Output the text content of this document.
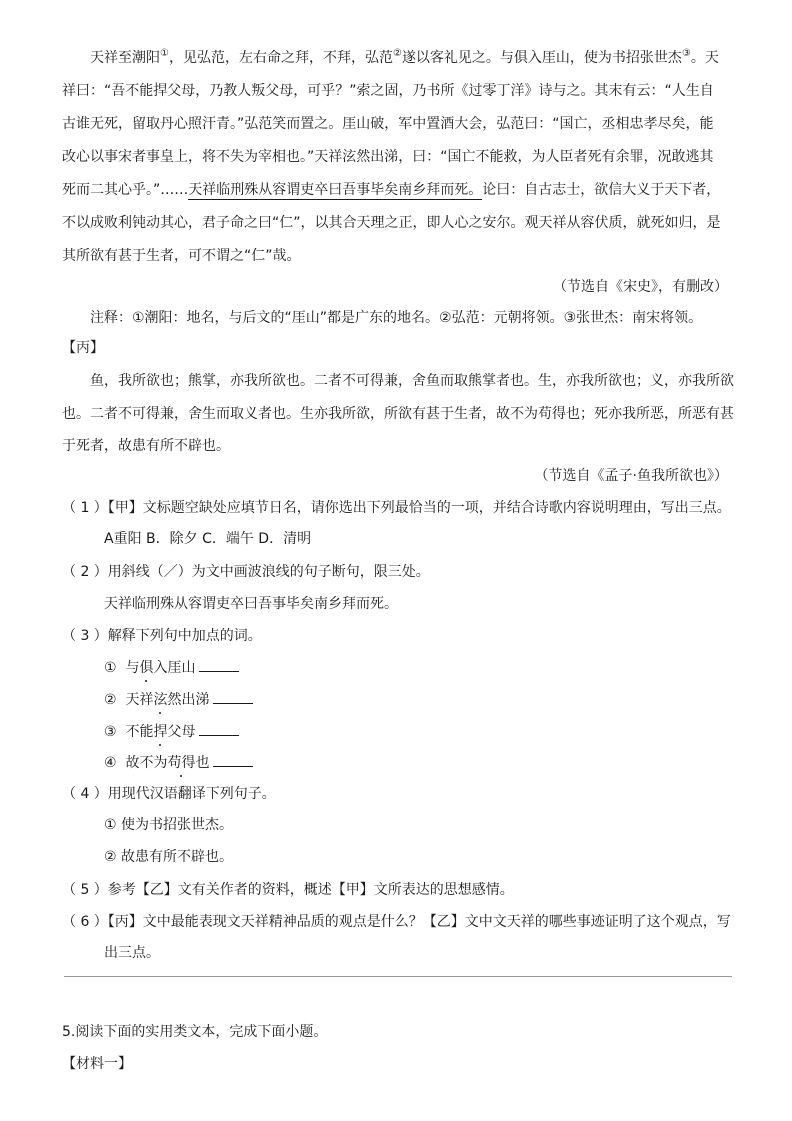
天祥至潮阳①，见弘范，左右命之拜，不拜，弘范②遂以客礼见之。与俱入厓山，使为书招张世杰③。天
祥曰：“吾不能捍父母，乃教人叛父母，可乎？”索之固，乃书所《过零丁洋》诗与之。其末有云：“人生自
古谁无死，留取丹心照汗青。”弘范笑而置之。厓山破，军中置酒大会，弘范曰：“国亡，丞相忠孝尽矣，能
改心以事宋者事皇上，将不失为宰相也。”天祥泫然出涕，曰：“国亡不能救，为人臣者死有余罪，况敢逃其
死而二其心乎。”……天祥临刑殊从容谓吏卒曰吾事毕矣南乡拜而死。论曰：自古志士，欲信大义于天下者，
不以成败利钝动其心，君子命之曰“仁”，以其合天理之正，即人心之安尔。观天祥从容伏质，就死如归，是
其所欲有甚于生者，可不谓之“仁”哉。
（节选自《宋史》，有删改）
注释：①潮阳：地名，与后文的“厓山”都是广东的地名。②弘范：元朝将领。③张世杰：南宋将领。
【丙】
鱼，我所欲也；熊掌，亦我所欲也。二者不可得兼，舍鱼而取熊掌者也。生，亦我所欲也；义，亦我所欲
也。二者不可得兼，舍生而取义者也。生亦我所欲，所欲有甚于生者，故不为苟得也；死亦我所恶，所恶有甚
于死者，故患有所不辟也。
（节选自《孟子·鱼我所欲也》）
（ 1 ）【甲】文标题空缺处应填节日名，请你选出下列最恰当的一项，并结合诗歌内容说明理由，写出三点。
A重阳 B．除夕 C．端午 D．清明
（ 2 ）用斜线（／）为文中画波浪线的句子断句，限三处。
天祥临刑殊从容谓吏卒曰吾事毕矣南乡拜而死。
（ 3 ）解释下列句中加点的词。
① 与俱入厓山
② 天祥泫然出涕
③ 不能捍父母
④ 故不为苟得也
（ 4 ）用现代汉语翻译下列句子。
① 使为书招张世杰。
② 故患有所不辟也。
（ 5 ）参考【乙】文有关作者的资料，概述【甲】文所表达的思想感情。
（ 6 ）【丙】文中最能表现文天祥精神品质的观点是什么？【乙】文中文天祥的哪些事迹证明了这个观点，写
出三点。
5.阅读下面的实用类文本，完成下面小题。
【材料一】
